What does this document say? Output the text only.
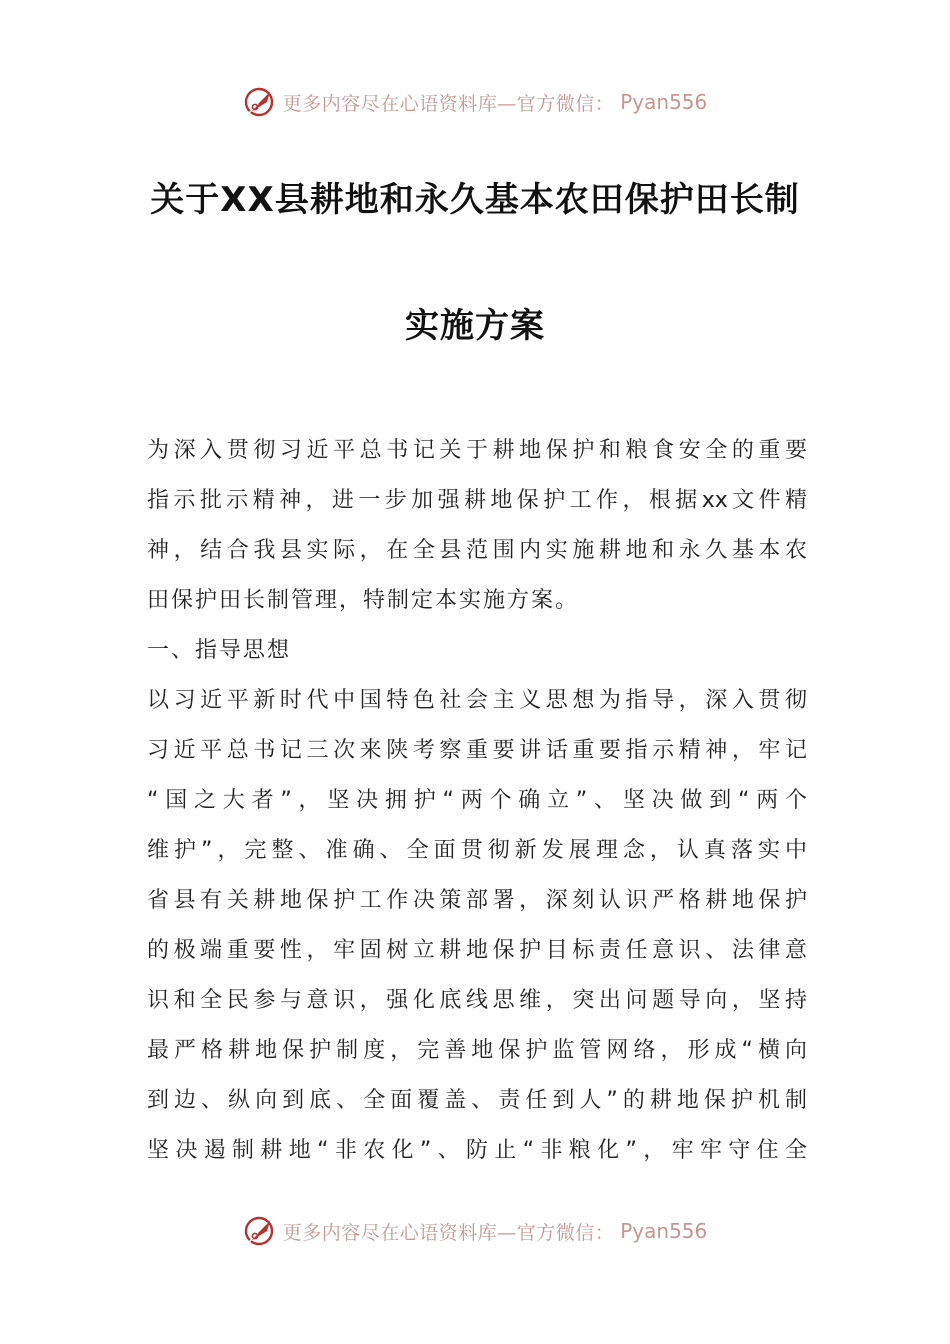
更多内容尽在心语资料库—官方微信： Pyan556
关于XX县耕地和永久基本农田保护田长制
实施方案
为深入贯彻习近平总书记关于耕地保护和粮食安全的重要
指示批示精神，进一步加强耕地保护工作，根据xx文件精
神，结合我县实际，在全县范围内实施耕地和永久基本农
田保护田长制管理，特制定本实施方案。
一、指导思想
以习近平新时代中国特色社会主义思想为指导，深入贯彻
习近平总书记三次来陕考察重要讲话重要指示精神，牢记
“国之大者”，坚决拥护“两个确立”、坚决做到“两个
维护”，完整、准确、全面贯彻新发展理念，认真落实中
省县有关耕地保护工作决策部署，深刻认识严格耕地保护
的极端重要性，牢固树立耕地保护目标责任意识、法律意
识和全民参与意识，强化底线思维，突出问题导向，坚持
最严格耕地保护制度，完善地保护监管网络，形成“横向
到边、纵向到底、全面覆盖、责任到人”的耕地保护机制
坚决遏制耕地“非农化”、防止“非粮化”，牢牢守住全
更多内容尽在心语资料库—官方微信： Pyan556
